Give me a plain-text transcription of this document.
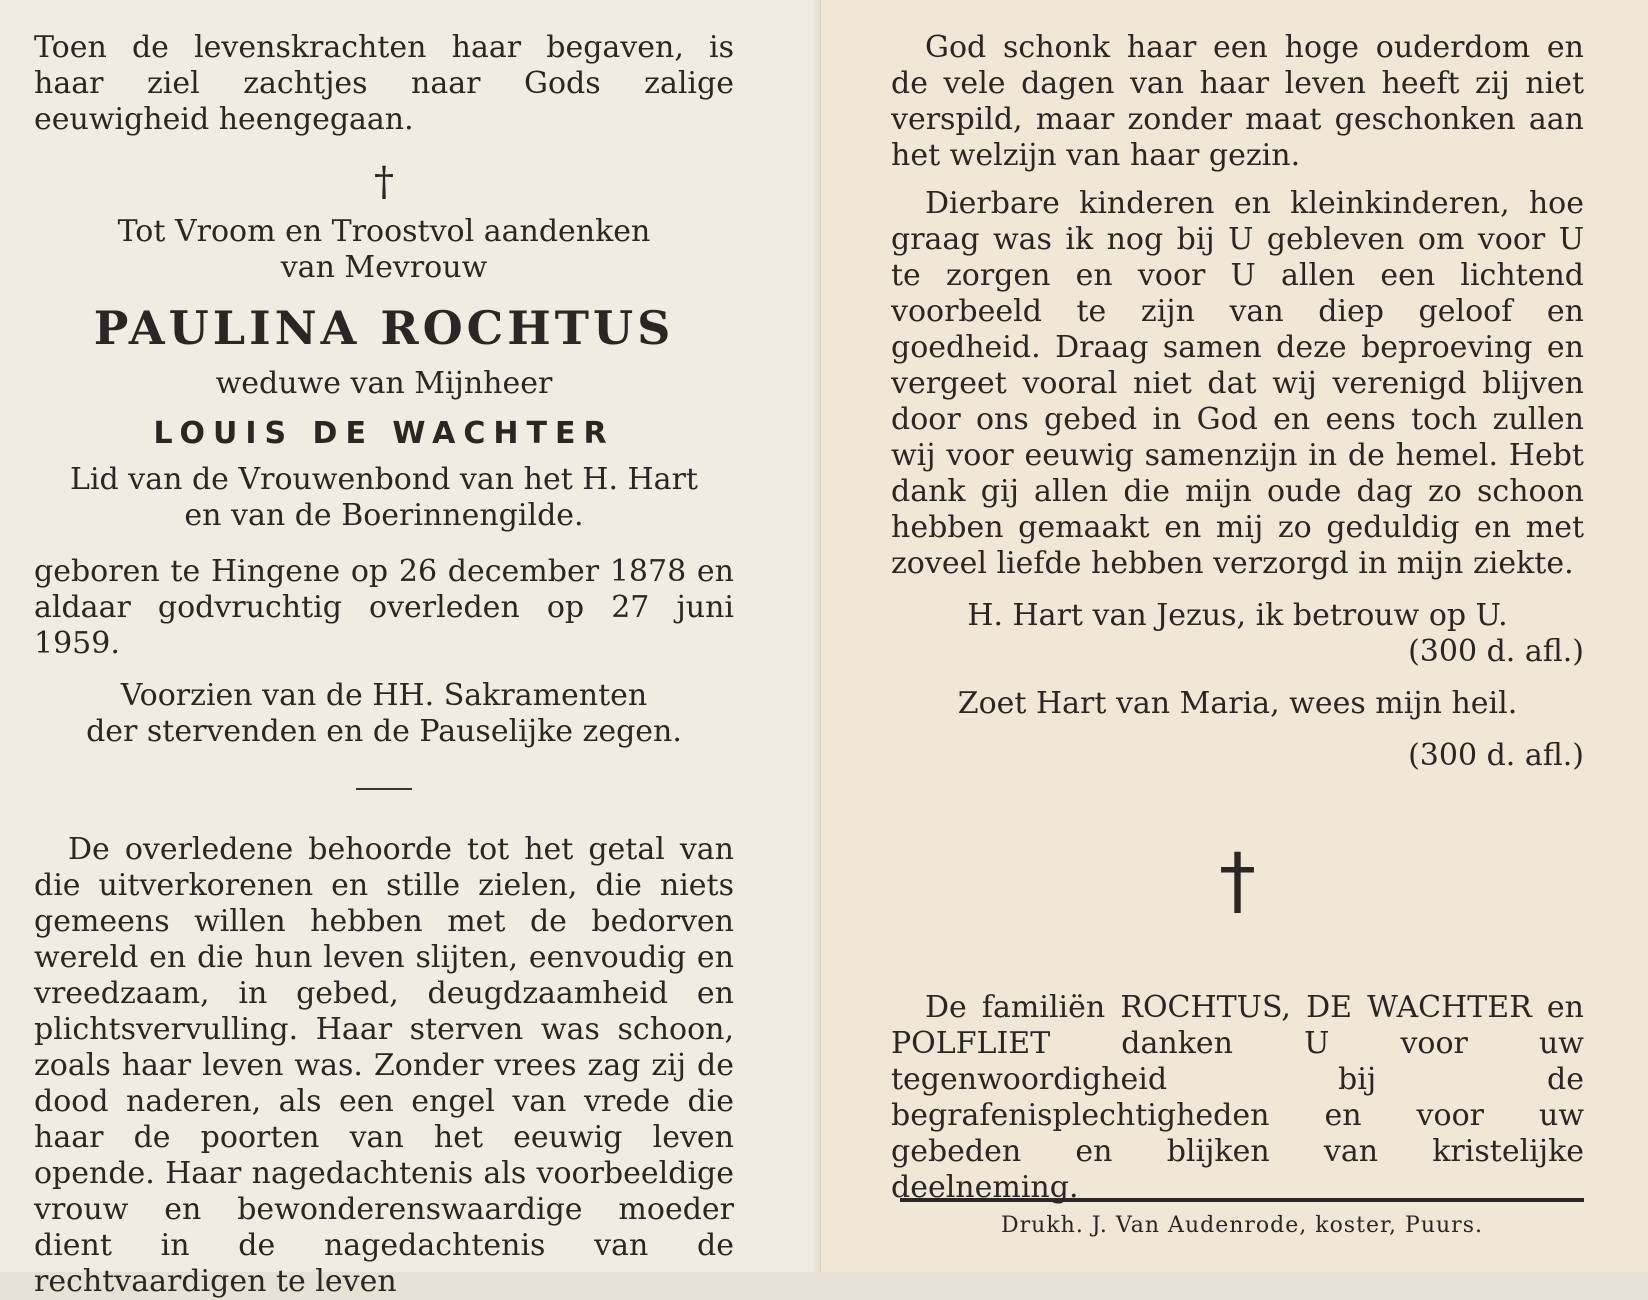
Toen de levenskrachten haar begaven, is haar ziel zachtjes naar Gods zalige eeuwigheid heengegaan.
†
Tot Vroom en Troostvol aandenken
van Mevrouw
PAULINA ROCHTUS
weduwe van Mijnheer
LOUIS DE WACHTER
Lid van de Vrouwenbond van het H. Hart
en van de Boerinnengilde.
geboren te Hingene op 26 december 1878 en aldaar godvruchtig overleden op 27 juni 1959.
Voorzien van de HH. Sakramenten
der stervenden en de Pauselijke zegen.
De overledene behoorde tot het getal van die uitverkorenen en stille zielen, die niets gemeens willen hebben met de bedorven wereld en die hun leven slijten, eenvoudig en vreedzaam, in gebed, deugdzaamheid en plichtsvervulling. Haar sterven was schoon, zoals haar leven was. Zonder vrees zag zij de dood naderen, als een engel van vrede die haar de poorten van het eeuwig leven opende. Haar nagedachtenis als voorbeeldige vrouw en bewonderenswaardige moeder dient in de nagedachtenis van de rechtvaardigen te leven
God schonk haar een hoge ouderdom en de vele dagen van haar leven heeft zij niet verspild, maar zonder maat geschonken aan het welzijn van haar gezin.
Dierbare kinderen en kleinkinderen, hoe graag was ik nog bij U gebleven om voor U te zorgen en voor U allen een lichtend voorbeeld te zijn van diep geloof en goedheid. Draag samen deze beproeving en vergeet vooral niet dat wij verenigd blijven door ons gebed in God en eens toch zullen wij voor eeuwig samenzijn in de hemel. Hebt dank gij allen die mijn oude dag zo schoon hebben gemaakt en mij zo geduldig en met zoveel liefde hebben verzorgd in mijn ziekte.
H. Hart van Jezus, ik betrouw op U.
(300 d. afl.)
Zoet Hart van Maria, wees mijn heil.
(300 d. afl.)
†
De familiën ROCHTUS, DE WACHTER en POLFLIET danken U voor uw tegenwoordigheid bij de begrafenisplechtigheden en voor uw gebeden en blijken van kristelijke deelneming.
Drukh. J. Van Audenrode, koster, Puurs.
